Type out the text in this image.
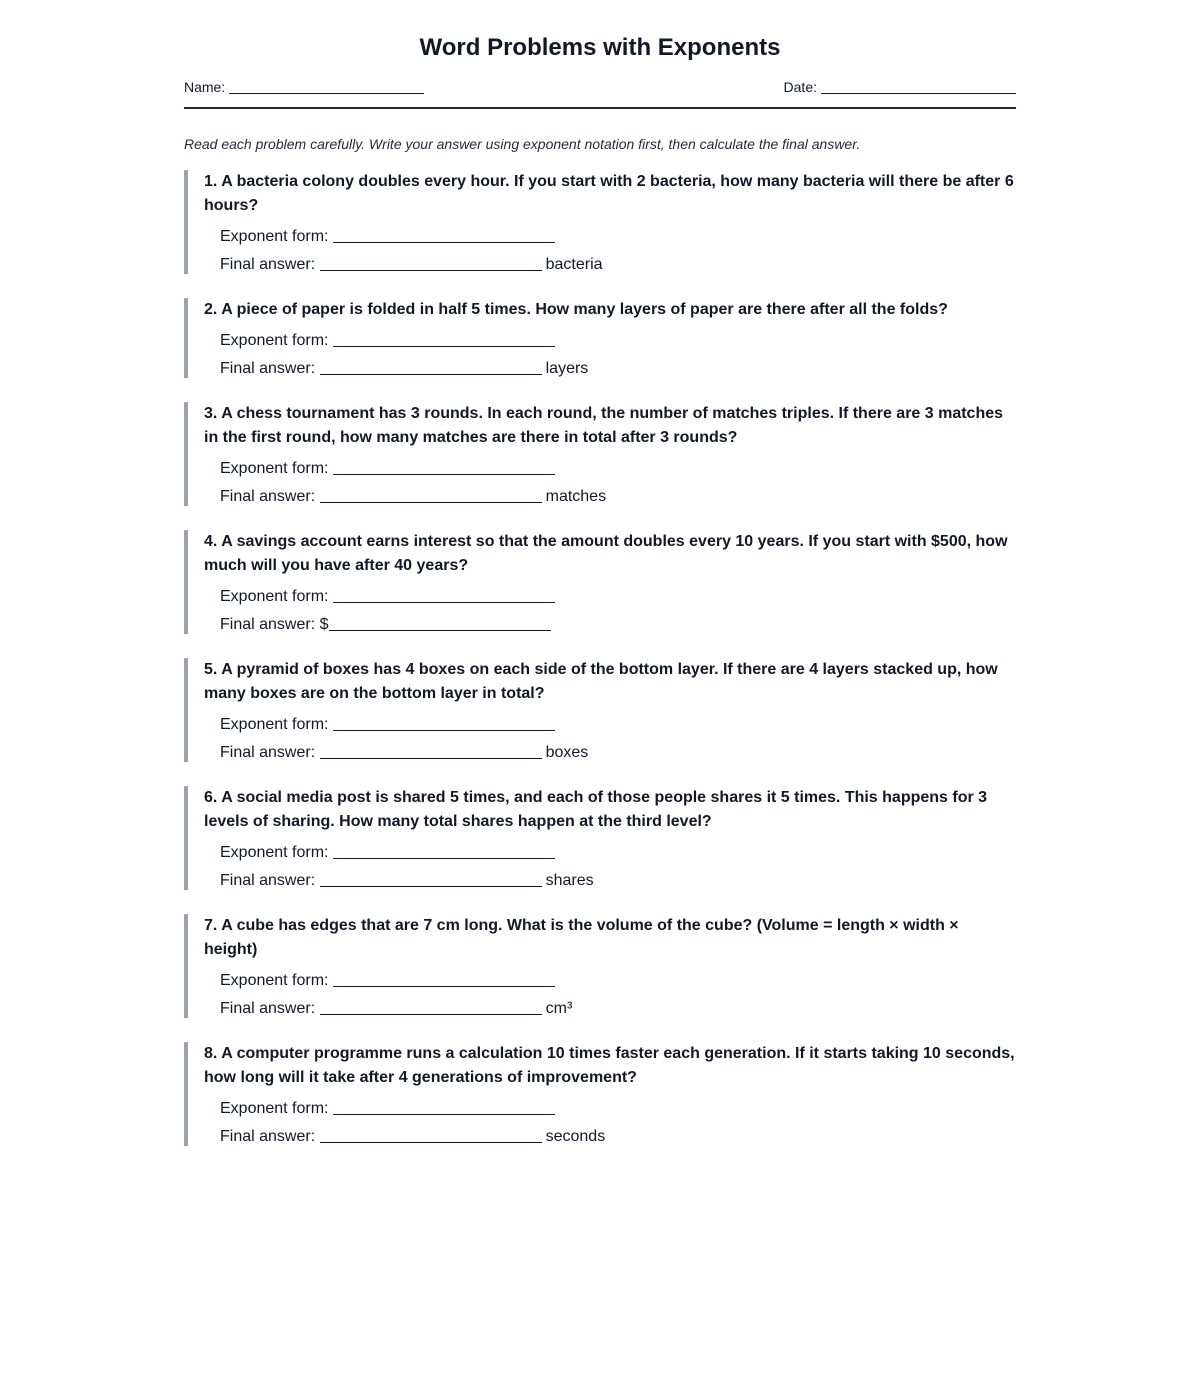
Word Problems with Exponents
Name:	Date:

Read each problem carefully. Write your answer using exponent notation first, then calculate the final answer.

1. A bacteria colony doubles every hour. If you start with 2 bacteria, how many bacteria will there be after 6 hours?

Exponent form:
Final answer:	bacteria

2. A piece of paper is folded in half 5 times. How many layers of paper are there after all the folds?

Exponent form:
Final answer:	layers

3. A chess tournament has 3 rounds. In each round, the number of matches triples. If there are 3 matches in the first round, how many matches are there in total after 3 rounds?

Exponent form:
Final answer:	matches

4. A savings account earns interest so that the amount doubles every 10 years. If you start with $500, how much will you have after 40 years?

Exponent form:
Final answer: $

5. A pyramid of boxes has 4 boxes on each side of the bottom layer. If there are 4 layers stacked up, how many boxes are on the bottom layer in total?

Exponent form:
Final answer:	boxes

6. A social media post is shared 5 times, and each of those people shares it 5 times. This happens for 3 levels of sharing. How many total shares happen at the third level?

Exponent form:
Final answer:	shares

7. A cube has edges that are 7 cm long. What is the volume of the cube? (Volume = length × width × height)

Exponent form:
Final answer:	cm³

8. A computer programme runs a calculation 10 times faster each generation. If it starts taking 10 seconds, how long will it take after 4 generations of improvement?

Exponent form:
Final answer:	seconds
